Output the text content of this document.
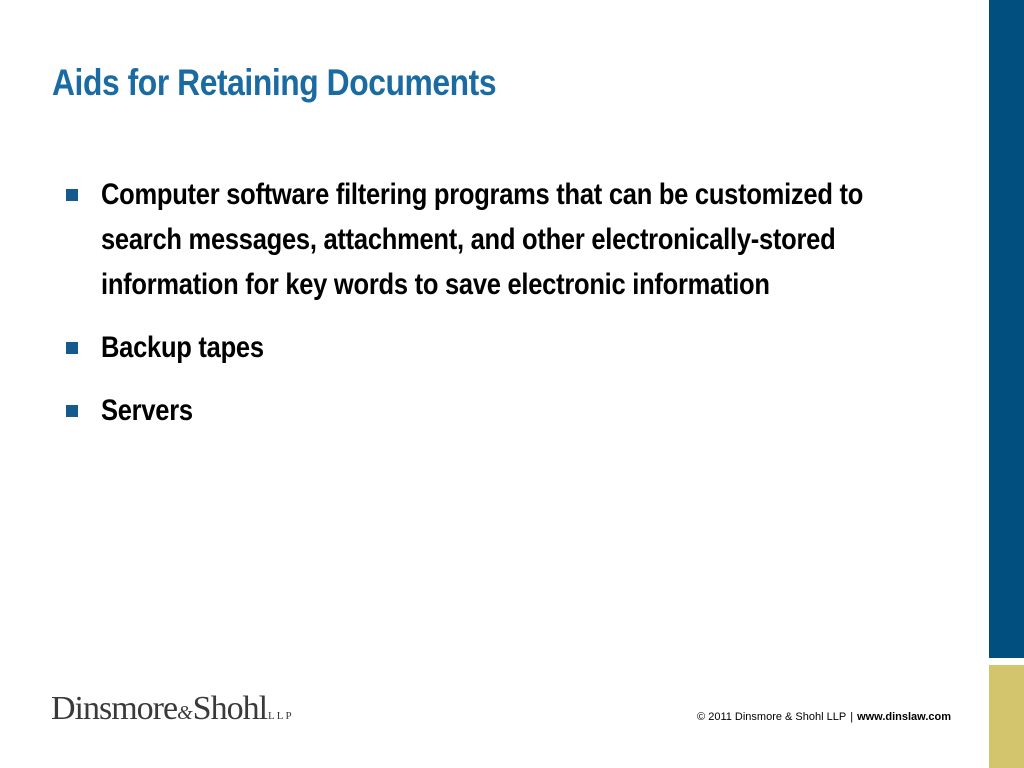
Aids for Retaining Documents
Computer software filtering programs that can be customized to search messages, attachment, and other electronically-stored information for key words to save electronic information
Backup tapes
Servers
Dinsmore&ShohlLLP	© 2011 Dinsmore & Shohl LLP | www.dinslaw.com
